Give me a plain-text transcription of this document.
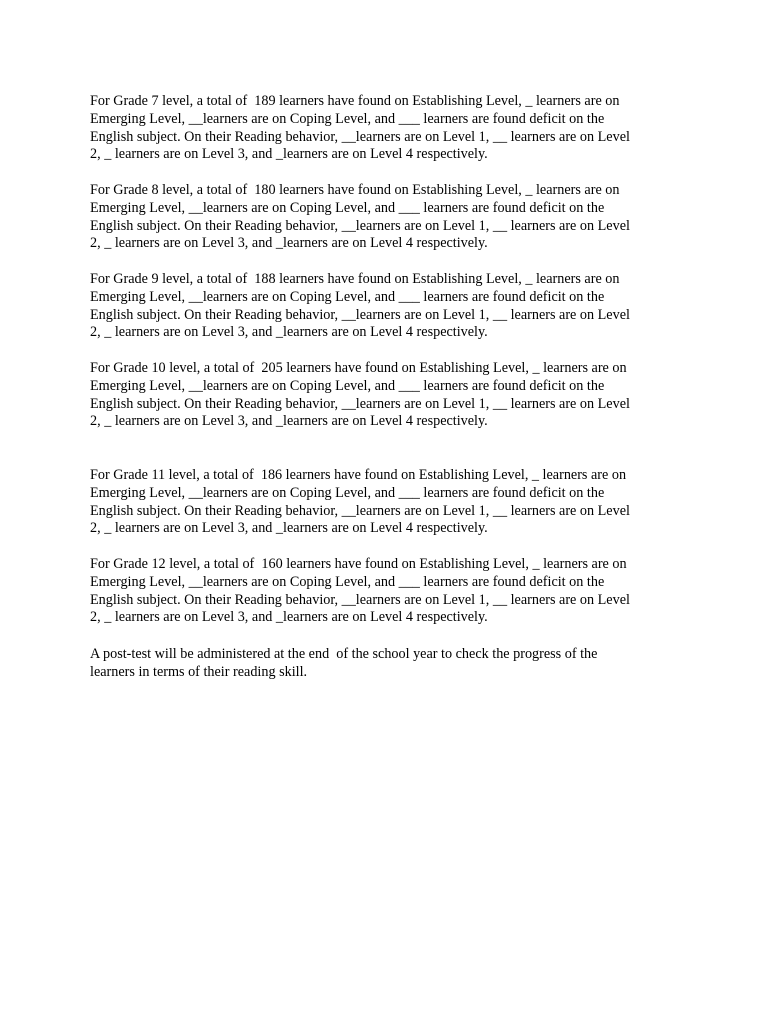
For Grade 7 level, a total of  189 learners have found on Establishing Level, _ learners are on
Emerging Level, __learners are on Coping Level, and ___ learners are found deficit on the
English subject. On their Reading behavior, __learners are on Level 1, __ learners are on Level
2, _ learners are on Level 3, and _learners are on Level 4 respectively.
For Grade 8 level, a total of  180 learners have found on Establishing Level, _ learners are on
Emerging Level, __learners are on Coping Level, and ___ learners are found deficit on the
English subject. On their Reading behavior, __learners are on Level 1, __ learners are on Level
2, _ learners are on Level 3, and _learners are on Level 4 respectively.
For Grade 9 level, a total of  188 learners have found on Establishing Level, _ learners are on
Emerging Level, __learners are on Coping Level, and ___ learners are found deficit on the
English subject. On their Reading behavior, __learners are on Level 1, __ learners are on Level
2, _ learners are on Level 3, and _learners are on Level 4 respectively.
For Grade 10 level, a total of  205 learners have found on Establishing Level, _ learners are on
Emerging Level, __learners are on Coping Level, and ___ learners are found deficit on the
English subject. On their Reading behavior, __learners are on Level 1, __ learners are on Level
2, _ learners are on Level 3, and _learners are on Level 4 respectively.
For Grade 11 level, a total of  186 learners have found on Establishing Level, _ learners are on
Emerging Level, __learners are on Coping Level, and ___ learners are found deficit on the
English subject. On their Reading behavior, __learners are on Level 1, __ learners are on Level
2, _ learners are on Level 3, and _learners are on Level 4 respectively.
For Grade 12 level, a total of  160 learners have found on Establishing Level, _ learners are on
Emerging Level, __learners are on Coping Level, and ___ learners are found deficit on the
English subject. On their Reading behavior, __learners are on Level 1, __ learners are on Level
2, _ learners are on Level 3, and _learners are on Level 4 respectively.
A post-test will be administered at the end  of the school year to check the progress of the
learners in terms of their reading skill.
